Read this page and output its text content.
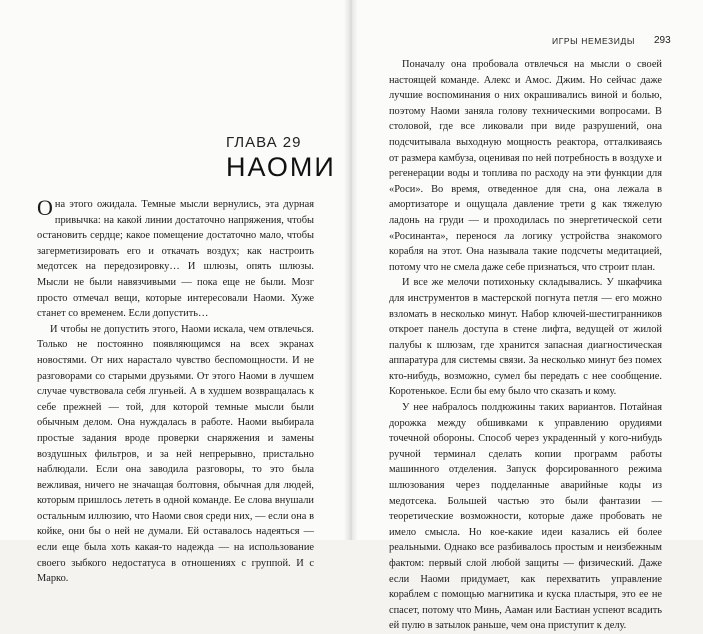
ГЛАВА 29
НАОМИ

Она этого ожидала. Темные мысли вернулись, эта дурная привычка: на какой линии достаточно напряжения, чтобы остановить сердце; какое помещение достаточно мало, чтобы загерметизировать его и откачать воздух; как настроить медотсек на передозировку… И шлюзы, опять шлюзы. Мысли не были навязчивыми — пока еще не были. Мозг просто отмечал вещи, которые интересовали Наоми. Хуже станет со временем. Если допустить…

И чтобы не допустить этого, Наоми искала, чем отвлечься. Только не постоянно появляющимся на всех экранах новостями. От них нарастало чувство беспомощности. И не разговорами со старыми друзьями. От этого Наоми в лучшем случае чувствовала себя лгуньей. А в худшем возвращалась к себе прежней — той, для которой темные мысли были обычным делом. Она нуждалась в работе. Наоми выбирала простые задания вроде проверки снаряжения и замены воздушных фильтров, и за ней непрерывно, пристально наблюдали. Если она заводила разговоры, то это была вежливая, ничего не значащая болтовня, обычная для людей, которым пришлось лететь в одной команде. Ее слова внушали остальным иллюзию, что Наоми своя среди них, — если она в койке, они бы о ней не думали. Ей оставалось надеяться — если еще была хоть какая-то надежда — на использование своего зыбкого недостатуса в отношениях с группой. И с Марко.

ИГРЫ НЕМЕЗИДЫ 293

Поначалу она пробовала отвлечься на мысли о своей настоящей команде. Алекс и Амос. Джим. Но сейчас даже лучшие воспоминания о них окрашивались виной и болью, поэтому Наоми заняла голову техническими вопросами. В столовой, где все ликовали при виде разрушений, она подсчитывала выходную мощность реактора, отталкиваясь от размера камбуза, оценивая по ней потребность в воздухе и регенерации воды и топлива по расходу на эти функции для «Роси». Во время, отведенное для сна, она лежала в амортизаторе и ощущала давление трети g как тяжелую ладонь на груди — и проходилась по энергетической сети «Росинанта», перенося ла логику устройства знакомого корабля на этот. Она называла такие подсчеты медитацией, потому что не смела даже себе признаться, что строит план.

И все же мелочи потихоньку складывались. У шкафчика для инструментов в мастерской погнута петля — его можно взломать в несколько минут. Набор ключей-шестигранников откроет панель доступа в стене лифта, ведущей от жилой палубы к шлюзам, где хранится запасная диагностическая аппаратура для системы связи. За несколько минут без помех кто-нибудь, возможно, сумел бы передать с нее сообщение. Коротенькое. Если бы ему было что сказать и кому.

У нее набралось полдюжины таких вариантов. Потайная дорожка между обшивками к управлению орудиями точечной обороны. Способ через украденный у кого-нибудь ручной терминал сделать копии программ работы машинного отделения. Запуск форсированного режима шлюзования через подделанные аварийные коды из медотсека. Большей частью это были фантазии — теоретические возможности, которые даже пробовать не имело смысла. Но кое-какие идеи казались ей более реальными. Однако все разбивалось простым и неизбежным фактом: первый слой любой защиты — физический. Даже если Наоми придумает, как перехватить управление кораблем с помощью магнитика и куска пластыря, это ее не спасет, потому что Минь, Ааман или Бастиан успеют всадить ей пулю в затылок раньше, чем она приступит к делу.
